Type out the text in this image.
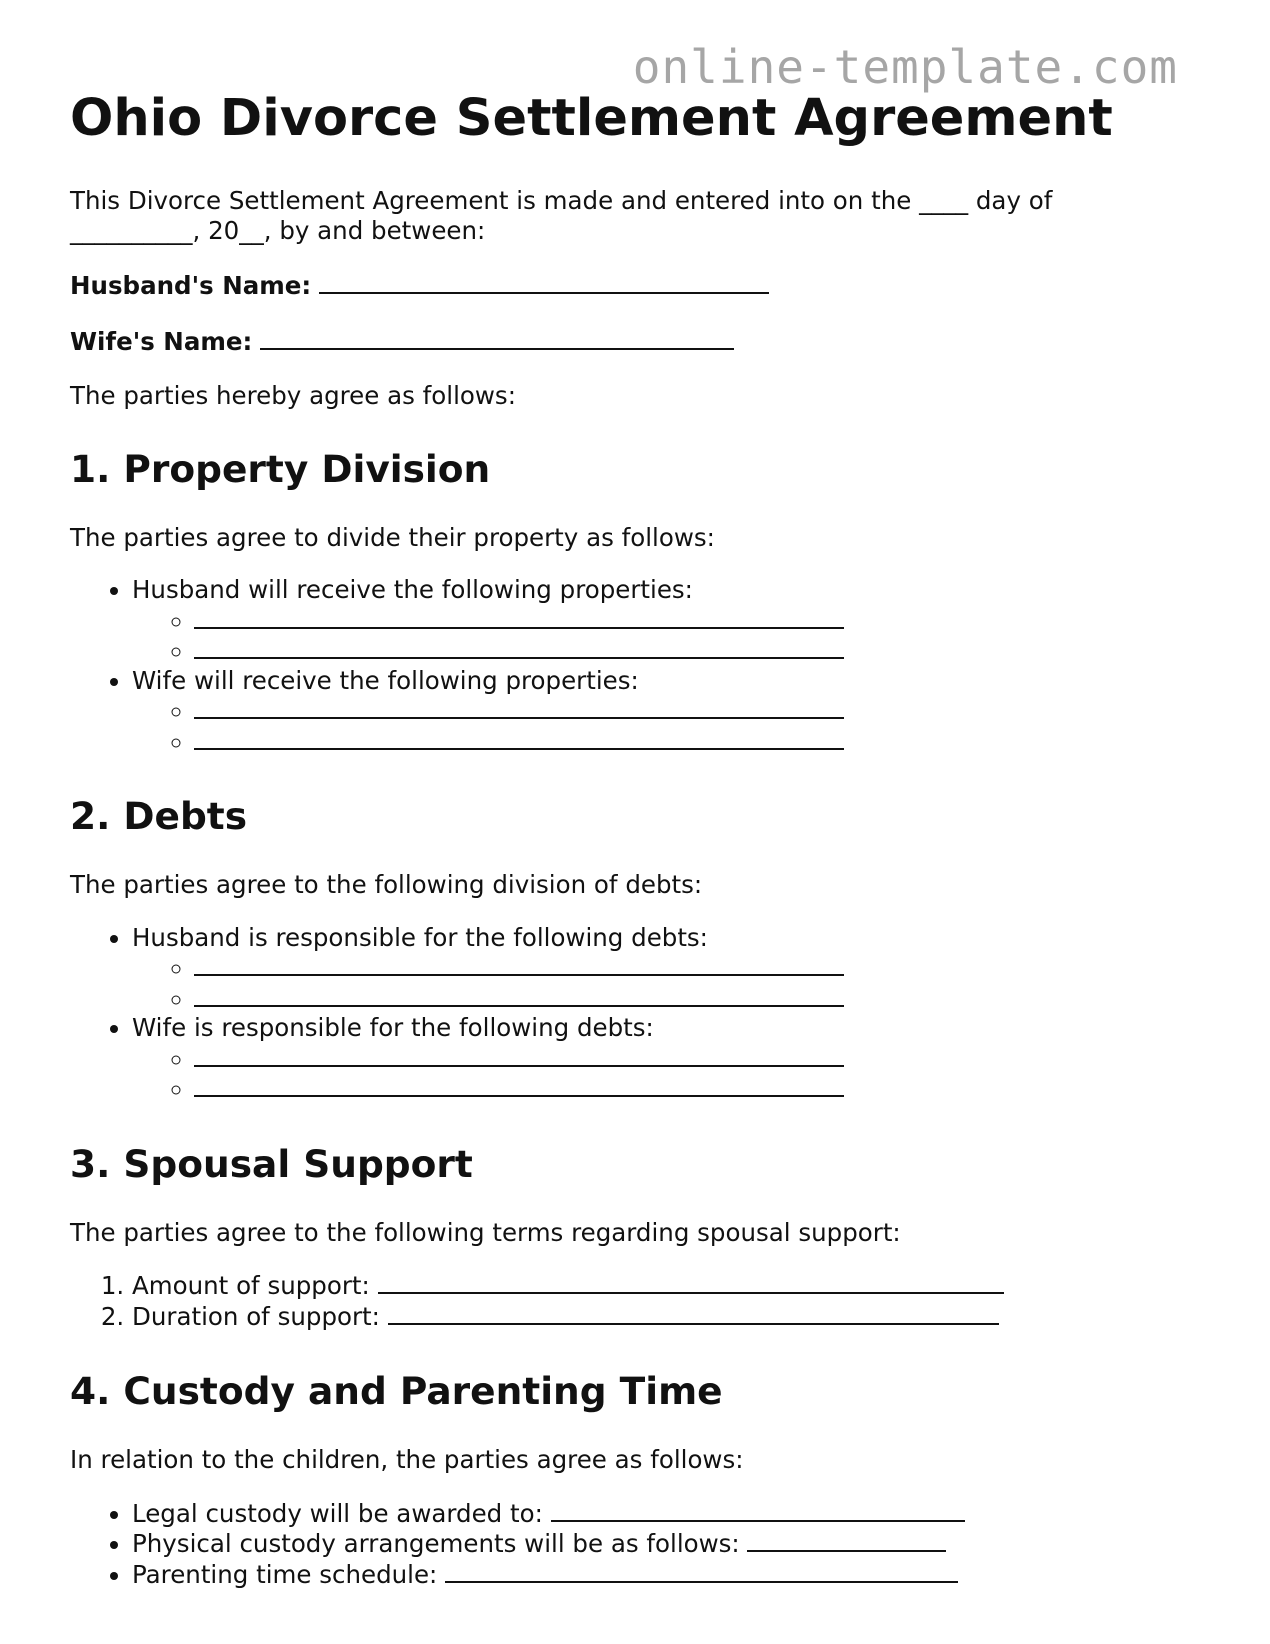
online-template.com
Ohio Divorce Settlement Agreement

This Divorce Settlement Agreement is made and entered into on the ____ day of __________, 20__, by and between:

Husband's Name:

Wife's Name:

The parties hereby agree as follows:

1. Property Division

The parties agree to divide their property as follows:

• Husband will receive the following properties:
◦
◦
• Wife will receive the following properties:
◦
◦
2. Debts

The parties agree to the following division of debts:

• Husband is responsible for the following debts:
◦
◦
• Wife is responsible for the following debts:
◦
◦
3. Spousal Support

The parties agree to the following terms regarding spousal support:

1. Amount of support:
2. Duration of support:
4. Custody and Parenting Time

In relation to the children, the parties agree as follows:

• Legal custody will be awarded to:
• Physical custody arrangements will be as follows:
• Parenting time schedule:
